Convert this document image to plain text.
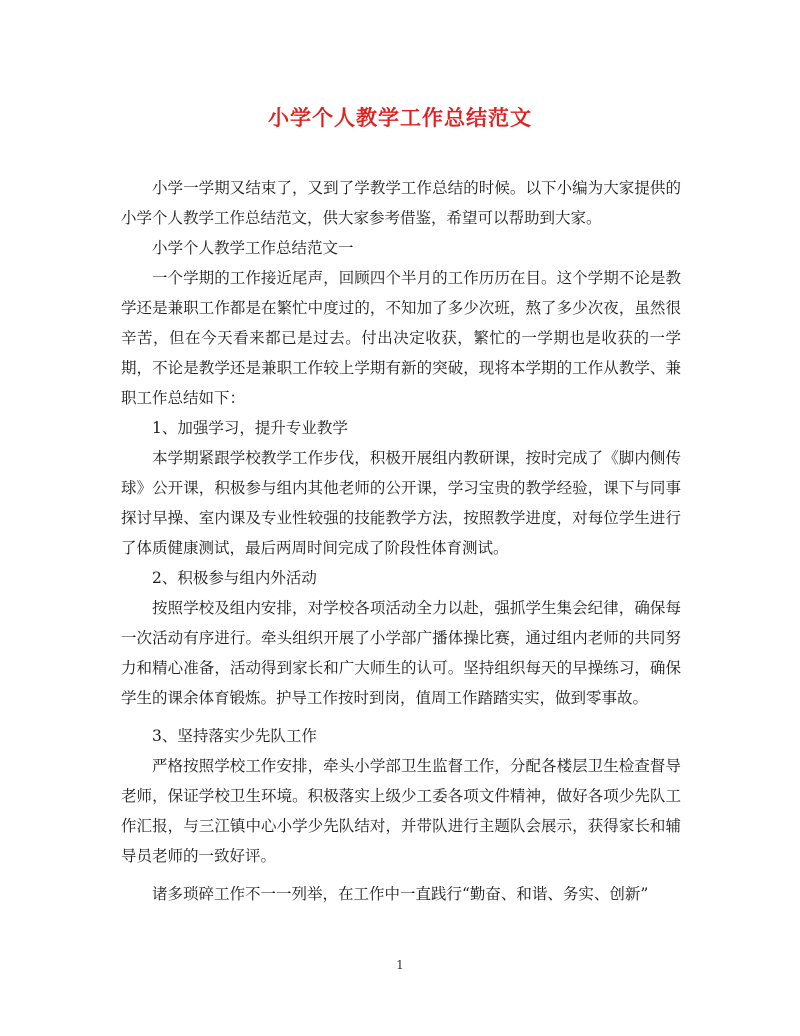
小学个人教学工作总结范文

小学一学期又结束了，又到了学教学工作总结的时候。以下小编为大家提供的小学个人教学工作总结范文，供大家参考借鉴，希望可以帮助到大家。

小学个人教学工作总结范文一

一个学期的工作接近尾声，回顾四个半月的工作历历在目。这个学期不论是教学还是兼职工作都是在繁忙中度过的，不知加了多少次班，熬了多少次夜，虽然很辛苦，但在今天看来都已是过去。付出决定收获，繁忙的一学期也是收获的一学期，不论是教学还是兼职工作较上学期有新的突破，现将本学期的工作从教学、兼职工作总结如下：

1、加强学习，提升专业教学

本学期紧跟学校教学工作步伐，积极开展组内教研课，按时完成了《脚内侧传球》公开课，积极参与组内其他老师的公开课，学习宝贵的教学经验，课下与同事探讨早操、室内课及专业性较强的技能教学方法，按照教学进度，对每位学生进行了体质健康测试，最后两周时间完成了阶段性体育测试。

2、积极参与组内外活动

按照学校及组内安排，对学校各项活动全力以赴，强抓学生集会纪律，确保每一次活动有序进行。牵头组织开展了小学部广播体操比赛，通过组内老师的共同努力和精心准备，活动得到家长和广大师生的认可。坚持组织每天的早操练习，确保学生的课余体育锻炼。护导工作按时到岗，值周工作踏踏实实，做到零事故。

3、坚持落实少先队工作

严格按照学校工作安排，牵头小学部卫生监督工作，分配各楼层卫生检查督导老师，保证学校卫生环境。积极落实上级少工委各项文件精神，做好各项少先队工作汇报，与三江镇中心小学少先队结对，并带队进行主题队会展示，获得家长和辅导员老师的一致好评。

诸多琐碎工作不一一列举，在工作中一直践行“勤奋、和谐、务实、创新”

1
